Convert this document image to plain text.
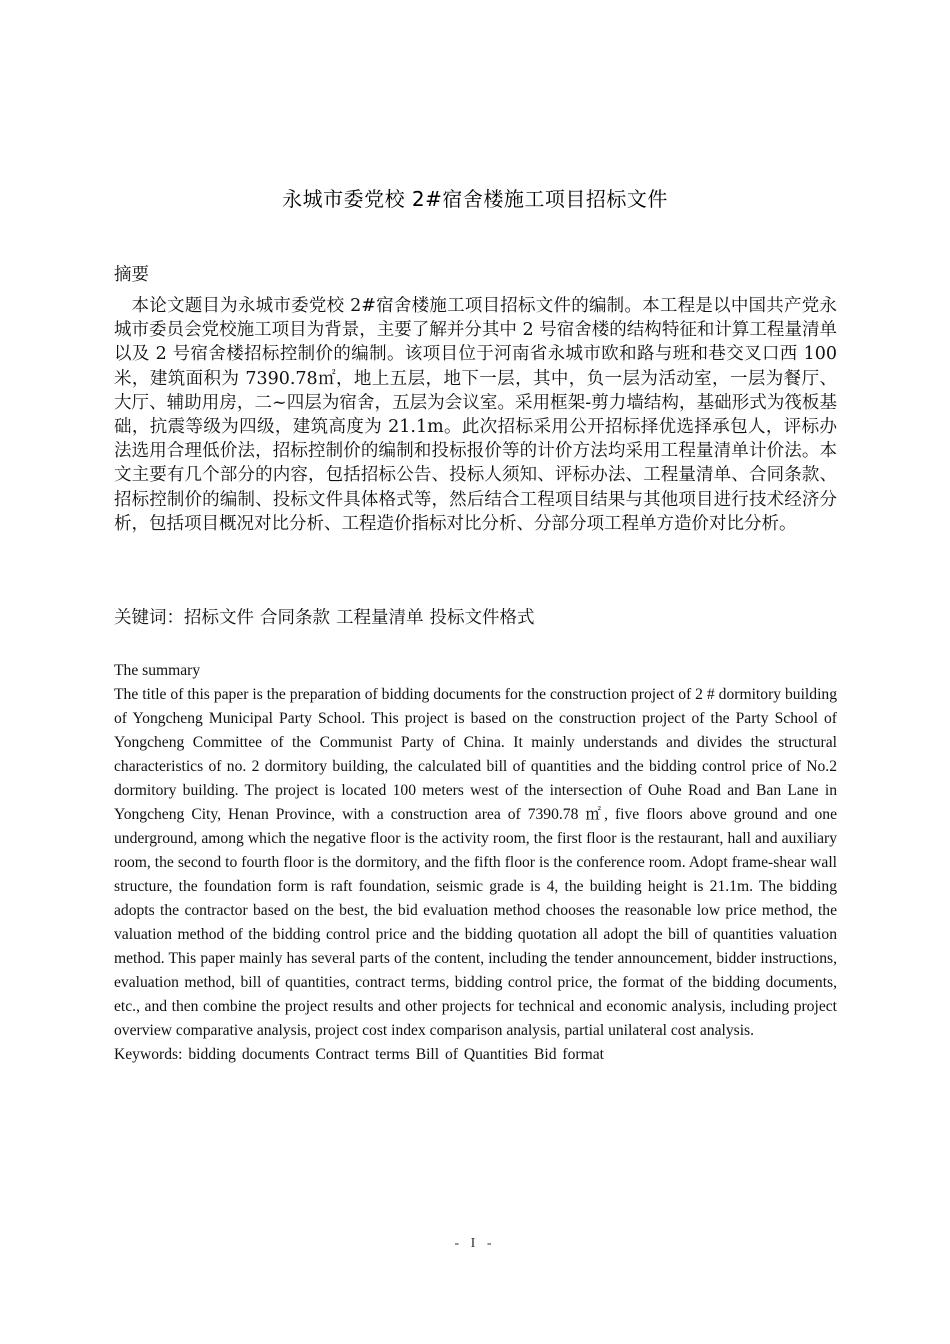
永城市委党校 2#宿舍楼施工项目招标文件
摘要
本论文题目为永城市委党校 2#宿舍楼施工项目招标文件的编制。本工程是以中国共产党永城市委员会党校施工项目为背景，主要了解并分其中 2 号宿舍楼的结构特征和计算工程量清单以及 2 号宿舍楼招标控制价的编制。该项目位于河南省永城市欧和路与班和巷交叉口西 100 米，建筑面积为 7390.78㎡，地上五层，地下一层，其中，负一层为活动室，一层为餐厅、大厅、辅助用房，二~四层为宿舍，五层为会议室。采用框架-剪力墙结构，基础形式为筏板基础，抗震等级为四级，建筑高度为 21.1m。此次招标采用公开招标择优选择承包人，评标办法选用合理低价法，招标控制价的编制和投标报价等的计价方法均采用工程量清单计价法。本文主要有几个部分的内容，包括招标公告、投标人须知、评标办法、工程量清单、合同条款、招标控制价的编制、投标文件具体格式等，然后结合工程项目结果与其他项目进行技术经济分析，包括项目概况对比分析、工程造价指标对比分析、分部分项工程单方造价对比分析。
关键词：招标文件 合同条款 工程量清单 投标文件格式
The summary
The title of this paper is the preparation of bidding documents for the construction project of 2 # dormitory building of Yongcheng Municipal Party School. This project is based on the construction project of the Party School of Yongcheng Committee of the Communist Party of China. It mainly understands and divides the structural characteristics of no. 2 dormitory building, the calculated bill of quantities and the bidding control price of No.2 dormitory building. The project is located 100 meters west of the intersection of Ouhe Road and Ban Lane in Yongcheng City, Henan Province, with a construction area of 7390.78 ㎡, five floors above ground and one underground, among which the negative floor is the activity room, the first floor is the restaurant, hall and auxiliary room, the second to fourth floor is the dormitory, and the fifth floor is the conference room. Adopt frame-shear wall structure, the foundation form is raft foundation, seismic grade is 4, the building height is 21.1m. The bidding adopts the contractor based on the best, the bid evaluation method chooses the reasonable low price method, the valuation method of the bidding control price and the bidding quotation all adopt the bill of quantities valuation method. This paper mainly has several parts of the content, including the tender announcement, bidder instructions, evaluation method, bill of quantities, contract terms, bidding control price, the format of the bidding documents, etc., and then combine the project results and other projects for technical and economic analysis, including project overview comparative analysis, project cost index comparison analysis, partial unilateral cost analysis.
Keywords: bidding documents Contract terms Bill of Quantities Bid format
- I -
